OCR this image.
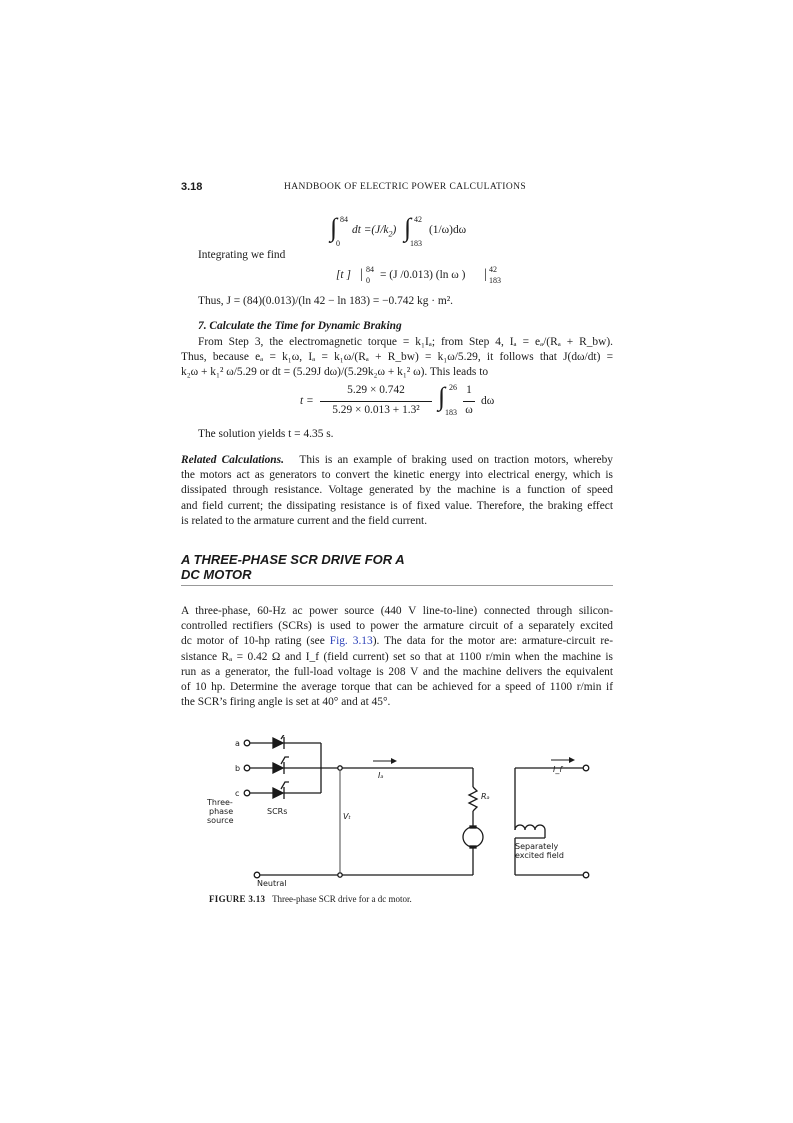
3.18	HANDBOOK OF ELECTRIC POWER CALCULATIONS
∫ 84
0
dt $=(J/k_2)$ ∫ 42
183
(1/ω)dω

Integrating we find

[t ] | 84
0 = (J /0.013) (ln ω ) | 42
183

Thus, J = (84)(0.013)/(ln 42 − ln 183) = −0.742 kg · m².

7. Calculate the Time for Dynamic Braking

From Step 3, the electromagnetic torque = k₁Iₐ; from Step 4, Iₐ = eₐ/(Rₐ + R_bw).

Thus, because eₐ = k₁ω, Iₐ = k₁ω/(Rₐ + R_bw) = k₁ω/5.29, it follows that J(dω/dt) =

k₂ω + k₁² ω/5.29 or dt = (5.29J dω)/(5.29k₂ω + k₁² ω). This leads to

t =
5.29 × 0.742
5.29 × 0.013 + 1.3² ∫ 26
183
1
ω
dω

The solution yields t = 4.35 s.

Related Calculations. This is an example of braking used on traction motors, whereby

the motors act as generators to convert the kinetic energy into electrical energy, which is

dissipated through resistance. Voltage generated by the machine is a function of speed

and field current; the dissipating resistance is of fixed value. Therefore, the braking effect

is related to the armature current and the field current.

A THREE-PHASE SCR DRIVE FOR A

DC MOTOR

A three-phase, 60-Hz ac power source (440 V line-to-line) connected through silicon-

controlled rectifiers (SCRs) is used to power the armature circuit of a separately excited

dc motor of 10-hp rating (see Fig. 3.13). The data for the motor are: armature-circuit re-

sistance Rₐ = 0.42 Ω and I_f (field current) set so that at 1100 r/min when the machine is

run as a generator, the full-load voltage is 208 V and the machine delivers the equivalent

of 10 hp. Determine the average torque that can be achieved for a speed of 1100 r/min if

the SCR’s firing angle is set at 40° and at 45°.

a
b
c
Three-
phase
source
SCRs
Iₐ
Rₐ
Vₜ
I_f
Separately
excited field
Neutral
FIGURE 3.13 Three-phase SCR drive for a dc motor.
